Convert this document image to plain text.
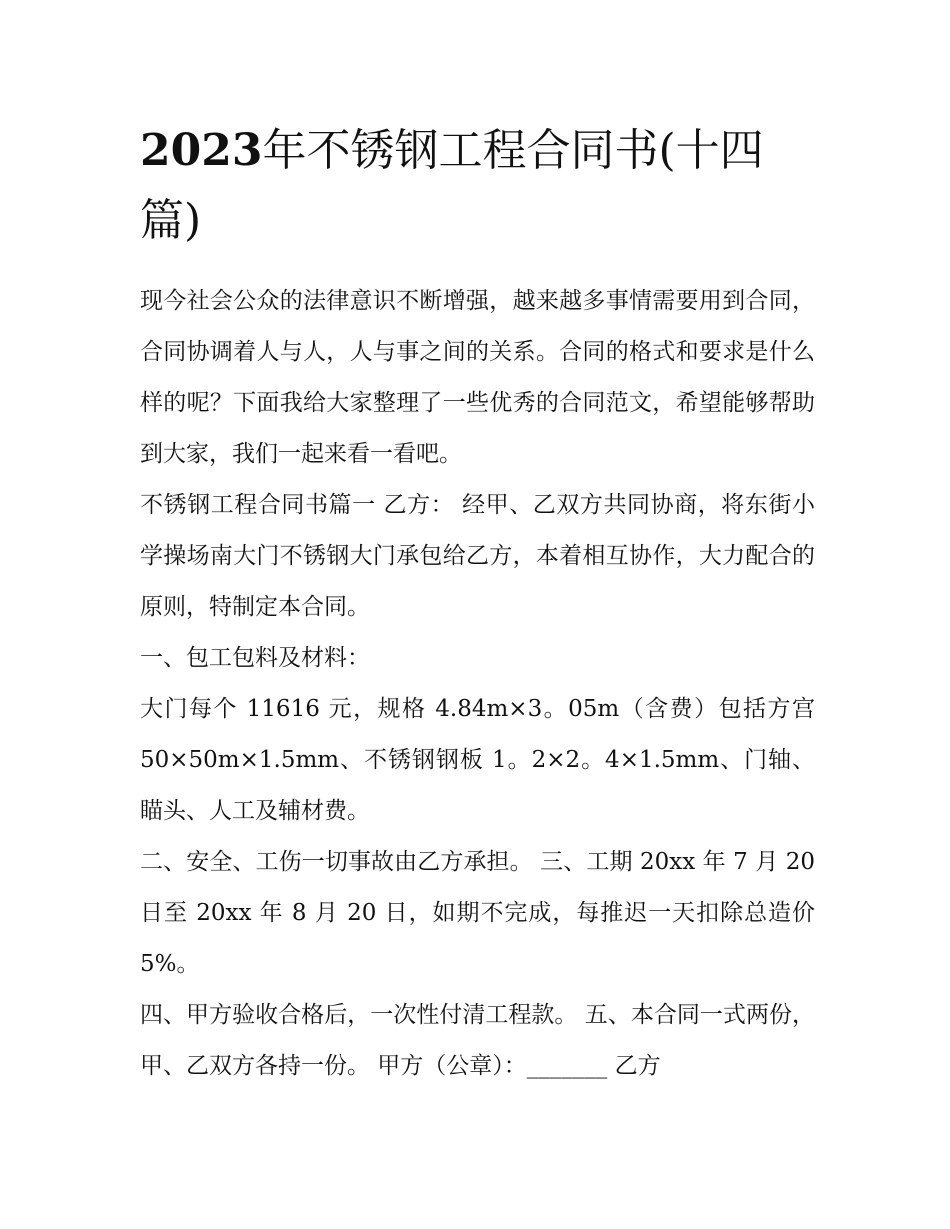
2023年不锈钢工程合同书(十四篇)

现今社会公众的法律意识不断增强，越来越多事情需要用到合同，合同协调着人与人，人与事之间的关系。合同的格式和要求是什么样的呢？下面我给大家整理了一些优秀的合同范文，希望能够帮助到大家，我们一起来看一看吧。

不锈钢工程合同书篇一 乙方： 经甲、乙双方共同协商，将东街小学操场南大门不锈钢大门承包给乙方，本着相互协作，大力配合的原则，特制定本合同。

一、包工包料及材料：

大门每个 11616 元，规格 4.84m×3。05m（含费）包括方宫 50×50m×1.5mm、不锈钢钢板 1。2×2。4×1.5mm、门轴、瞄头、人工及辅材费。

二、安全、工伤一切事故由乙方承担。 三、工期 20xx 年 7 月 20 日至 20xx 年 8 月 20 日，如期不完成，每推迟一天扣除总造价 5%。

四、甲方验收合格后，一次性付清工程款。 五、本合同一式两份，甲、乙双方各持一份。 甲方（公章）：_______ 乙方
